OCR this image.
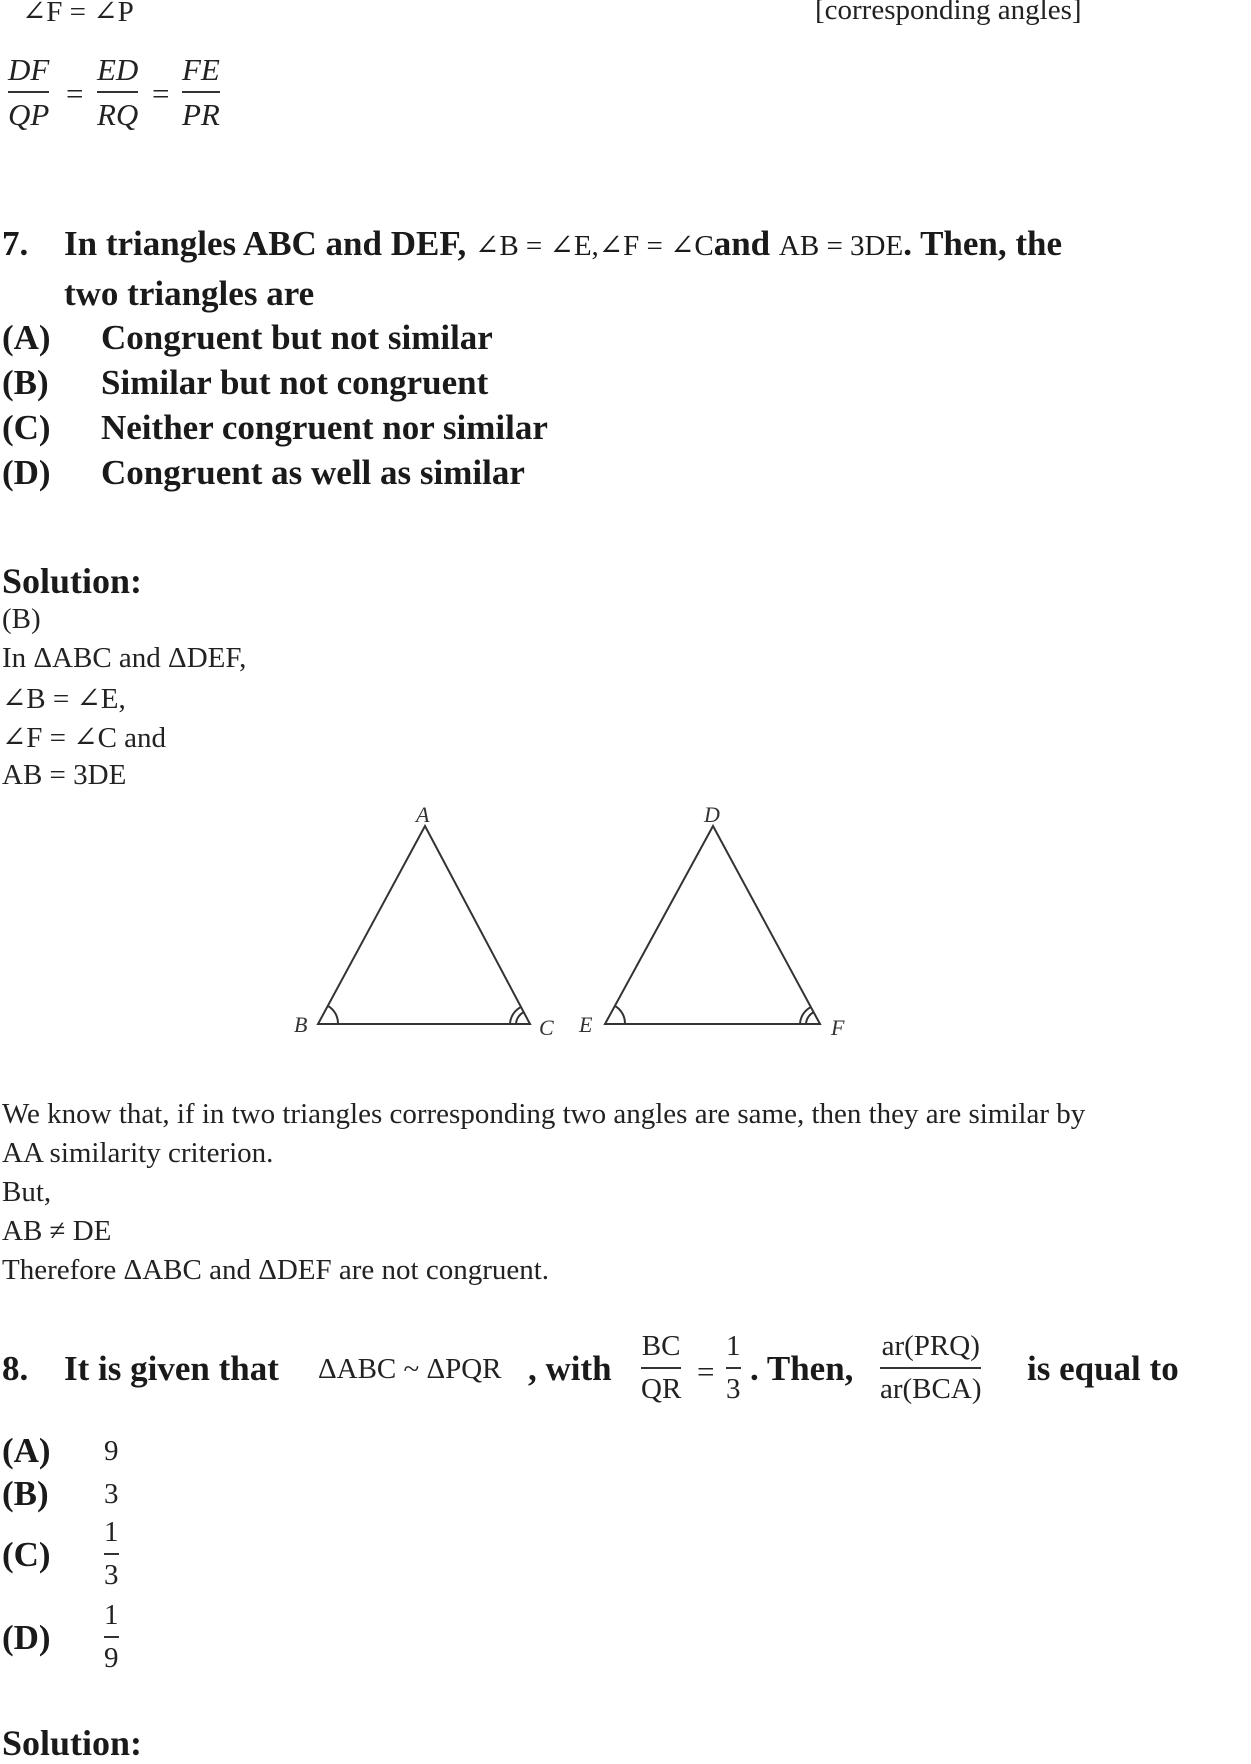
∠F = ∠P	[corresponding angles]
DF
QP
=
ED
RQ
=
FE
PR
7. In triangles ABC and DEF, ∠B = ∠E,∠F = ∠Cand AB = 3DE. Then, the
two triangles are
(A) Congruent but not similar
(B) Similar but not congruent
(C) Neither congruent nor similar
(D) Congruent as well as similar
Solution:
(B)
In ΔABC and ΔDEF,
∠B = ∠E,
∠F = ∠C and
AB = 3DE
A
B	C
D
E	F
We know that, if in two triangles corresponding two angles are same, then they are similar by
AA similarity criterion.
But,
AB ≠ DE
Therefore ΔABC and ΔDEF are not congruent.
8. It is given that ΔABC ~ ΔPQR , with
BC
QR =
1
3
. Then,
ar(PRQ)
ar(BCA)
is equal to
(A) 9
(B) 3
(C)
1
3
(D)
1
9
Solution:
